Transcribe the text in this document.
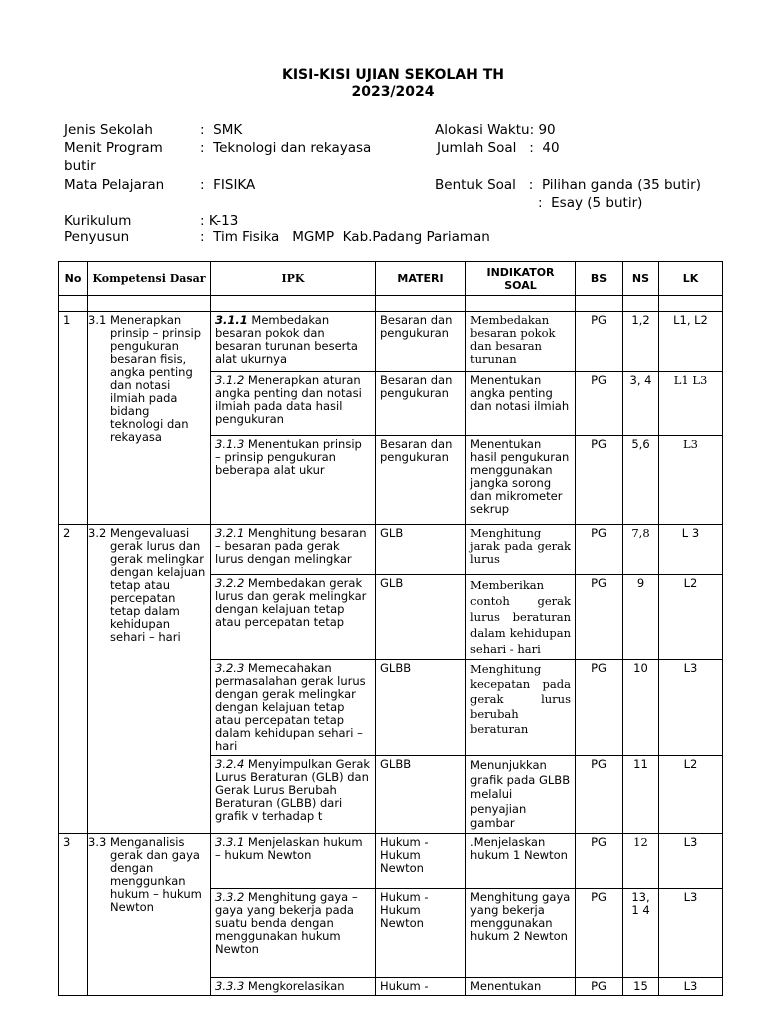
KISI-KISI UJIAN SEKOLAH TH 2023/2024
Jenis Sekolah	:  SMK	Alokasi Waktu: 90
Menit Program	:  Teknologi dan rekayasa	Jumlah Soal   :  40
butir
Mata Pelajaran	:  FISIKA	Bentuk Soal   :  Pilihan ganda (35 butir)
:  Esay (5 butir)
Kurikulum	: K-13
Penyusun	:  Tim Fisika   MGMP  Kab.Padang Pariaman
No	Kompetensi Dasar	IPK	MATERI	INDIKATOR SOAL	BS	NS	LK

1	3.1 Menerapkan prinsip – prinsip pengukuran besaran fisis, angka penting dan notasi ilmiah pada bidang teknologi dan rekayasa	3.1.1 Membedakan besaran pokok dan besaran turunan beserta alat ukurnya	Besaran dan pengukuran	Membedakan besaran pokok dan besaran turunan	PG	1,2	L1, L2
		3.1.2 Menerapkan aturan angka penting dan notasi ilmiah pada data hasil pengukuran	Besaran dan pengukuran	Menentukan angka penting dan notasi ilmiah	PG	3, 4	L1 L3
		3.1.3 Menentukan prinsip – prinsip pengukuran beberapa alat ukur	Besaran dan pengukuran	Menentukan hasil pengukuran menggunakan jangka sorong dan mikrometer sekrup	PG	5,6	L3
2	3.2 Mengevaluasi gerak lurus dan gerak melingkar dengan kelajuan tetap atau percepatan tetap dalam kehidupan sehari – hari	3.2.1 Menghitung besaran – besaran pada gerak lurus dengan melingkar	GLB	Menghitung jarak pada gerak lurus	PG	7,8	L 3
		3.2.2 Membedakan gerak lurus dan gerak melingkar dengan kelajuan tetap atau percepatan tetap	GLB	Memberikan contoh gerak lurus beraturan dalam kehidupan sehari - hari	PG	9	L2
		3.2.3 Memecahakan permasalahan gerak lurus dengan gerak melingkar dengan kelajuan tetap atau percepatan tetap dalam kehidupan sehari – hari	GLBB	Menghitung kecepatan pada gerak lurus berubah beraturan	PG	10	L3
		3.2.4 Menyimpulkan Gerak Lurus Beraturan (GLB) dan Gerak Lurus Berubah Beraturan (GLBB) dari grafik v terhadap t	GLBB	Menunjukkan grafik pada GLBB melalui penyajian gambar	PG	11	L2
3	3.3 Menganalisis gerak dan gaya dengan menggunkan hukum – hukum Newton	3.3.1 Menjelaskan hukum – hukum Newton	Hukum - Hukum Newton	.Menjelaskan hukum 1 Newton	PG	12	L3
		3.3.2 Menghitung gaya – gaya yang bekerja pada suatu benda dengan menggunakan hukum Newton	Hukum - Hukum Newton	Menghitung gaya yang bekerja menggunakan hukum 2 Newton	PG	13, 1 4	L3
		3.3.3 Mengkorelasikan	Hukum -	Menentukan	PG	15	L3
